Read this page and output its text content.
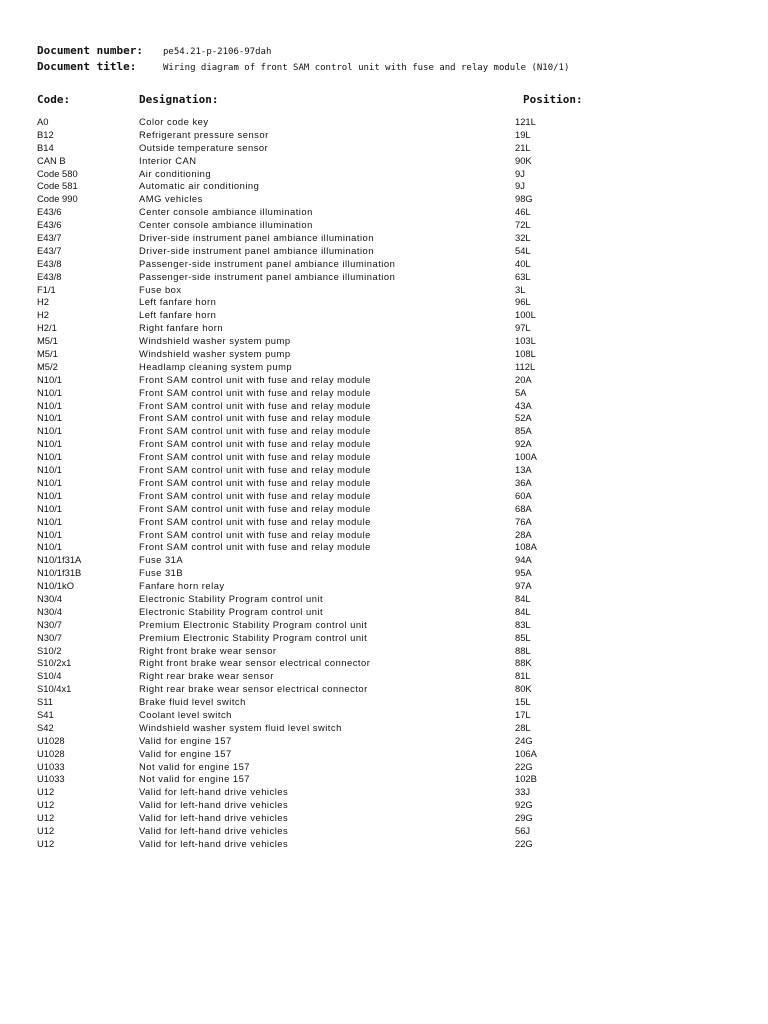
Document number: pe54.21-p-2106-97dah
Document title:	Wiring diagram of front SAM control unit with fuse and relay module (N10/1)
Code:	Designation:	Position:
A0	Color code key	121L
B12	Refrigerant pressure sensor	19L
B14	Outside temperature sensor	21L
CAN B	Interior CAN	90K
Code 580	Air conditioning	9J
Code 581	Automatic air conditioning	9J
Code 990	AMG vehicles	98G
E43/6	Center console ambiance illumination	46L
E43/6	Center console ambiance illumination	72L
E43/7	Driver-side instrument panel ambiance illumination	32L
E43/7	Driver-side instrument panel ambiance illumination	54L
E43/8	Passenger-side instrument panel ambiance illumination	40L
E43/8	Passenger-side instrument panel ambiance illumination	63L
F1/1	Fuse box	3L
H2	Left fanfare horn	96L
H2	Left fanfare horn	100L
H2/1	Right fanfare horn	97L
M5/1	Windshield washer system pump	103L
M5/1	Windshield washer system pump	108L
M5/2	Headlamp cleaning system pump	112L
N10/1	Front SAM control unit with fuse and relay module	20A
N10/1	Front SAM control unit with fuse and relay module	5A
N10/1	Front SAM control unit with fuse and relay module	43A
N10/1	Front SAM control unit with fuse and relay module	52A
N10/1	Front SAM control unit with fuse and relay module	85A
N10/1	Front SAM control unit with fuse and relay module	92A
N10/1	Front SAM control unit with fuse and relay module	100A
N10/1	Front SAM control unit with fuse and relay module	13A
N10/1	Front SAM control unit with fuse and relay module	36A
N10/1	Front SAM control unit with fuse and relay module	60A
N10/1	Front SAM control unit with fuse and relay module	68A
N10/1	Front SAM control unit with fuse and relay module	76A
N10/1	Front SAM control unit with fuse and relay module	28A
N10/1	Front SAM control unit with fuse and relay module	108A
N10/1f31A	Fuse 31A	94A
N10/1f31B	Fuse 31B	95A
N10/1kO	Fanfare horn relay	97A
N30/4	Electronic Stability Program control unit	84L
N30/4	Electronic Stability Program control unit	84L
N30/7	Premium Electronic Stability Program control unit	83L
N30/7	Premium Electronic Stability Program control unit	85L
S10/2	Right front brake wear sensor	88L
S10/2x1	Right front brake wear sensor electrical connector	88K
S10/4	Right rear brake wear sensor	81L
S10/4x1	Right rear brake wear sensor electrical connector	80K
S11	Brake fluid level switch	15L
S41	Coolant level switch	17L
S42	Windshield washer system fluid level switch	28L
U1028	Valid for engine 157	24G
U1028	Valid for engine 157	106A
U1033	Not valid for engine 157	22G
U1033	Not valid for engine 157	102B
U12	Valid for left-hand drive vehicles	33J
U12	Valid for left-hand drive vehicles	92G
U12	Valid for left-hand drive vehicles	29G
U12	Valid for left-hand drive vehicles	56J
U12	Valid for left-hand drive vehicles	22G
